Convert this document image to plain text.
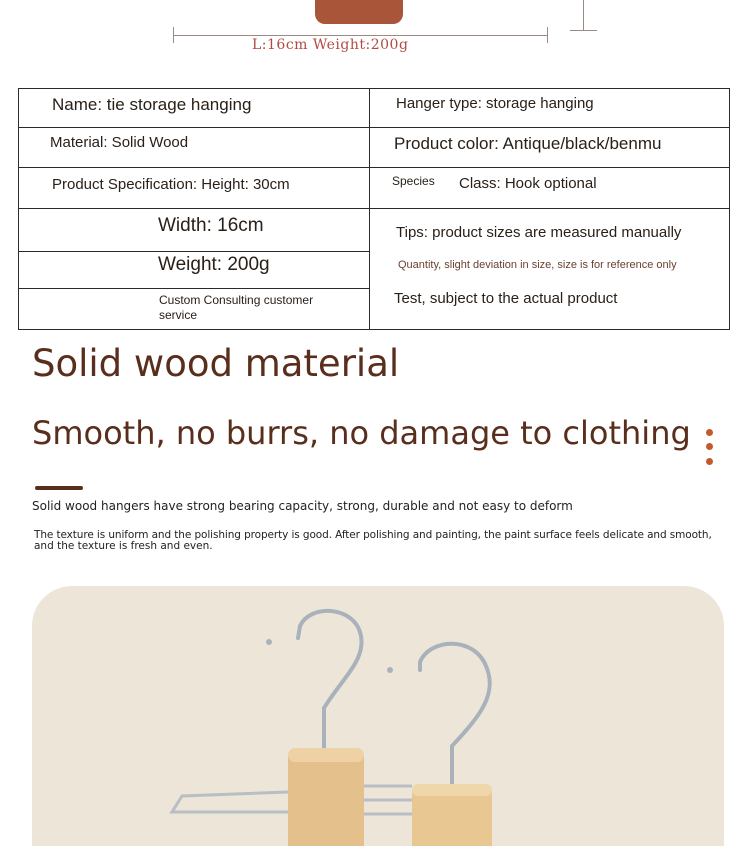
L:16cm Weight:200g
Name: tie storage hanging
Material: Solid Wood
Product Specification: Height: 30cm
Width: 16cm
Weight: 200g
Custom Consulting customer
service
Hanger type: storage hanging
Product color: Antique/black/benmu
Species Class: Hook optional
Tips: product sizes are measured manually
Quantity, slight deviation in size, size is for reference only
Test, subject to the actual product
Solid wood material
Smooth, no burrs, no damage to clothing
Solid wood hangers have strong bearing capacity, strong, durable and not easy to deform
The texture is uniform and the polishing property is good. After polishing and painting, the paint surface feels delicate and smooth,
and the texture is fresh and even.
